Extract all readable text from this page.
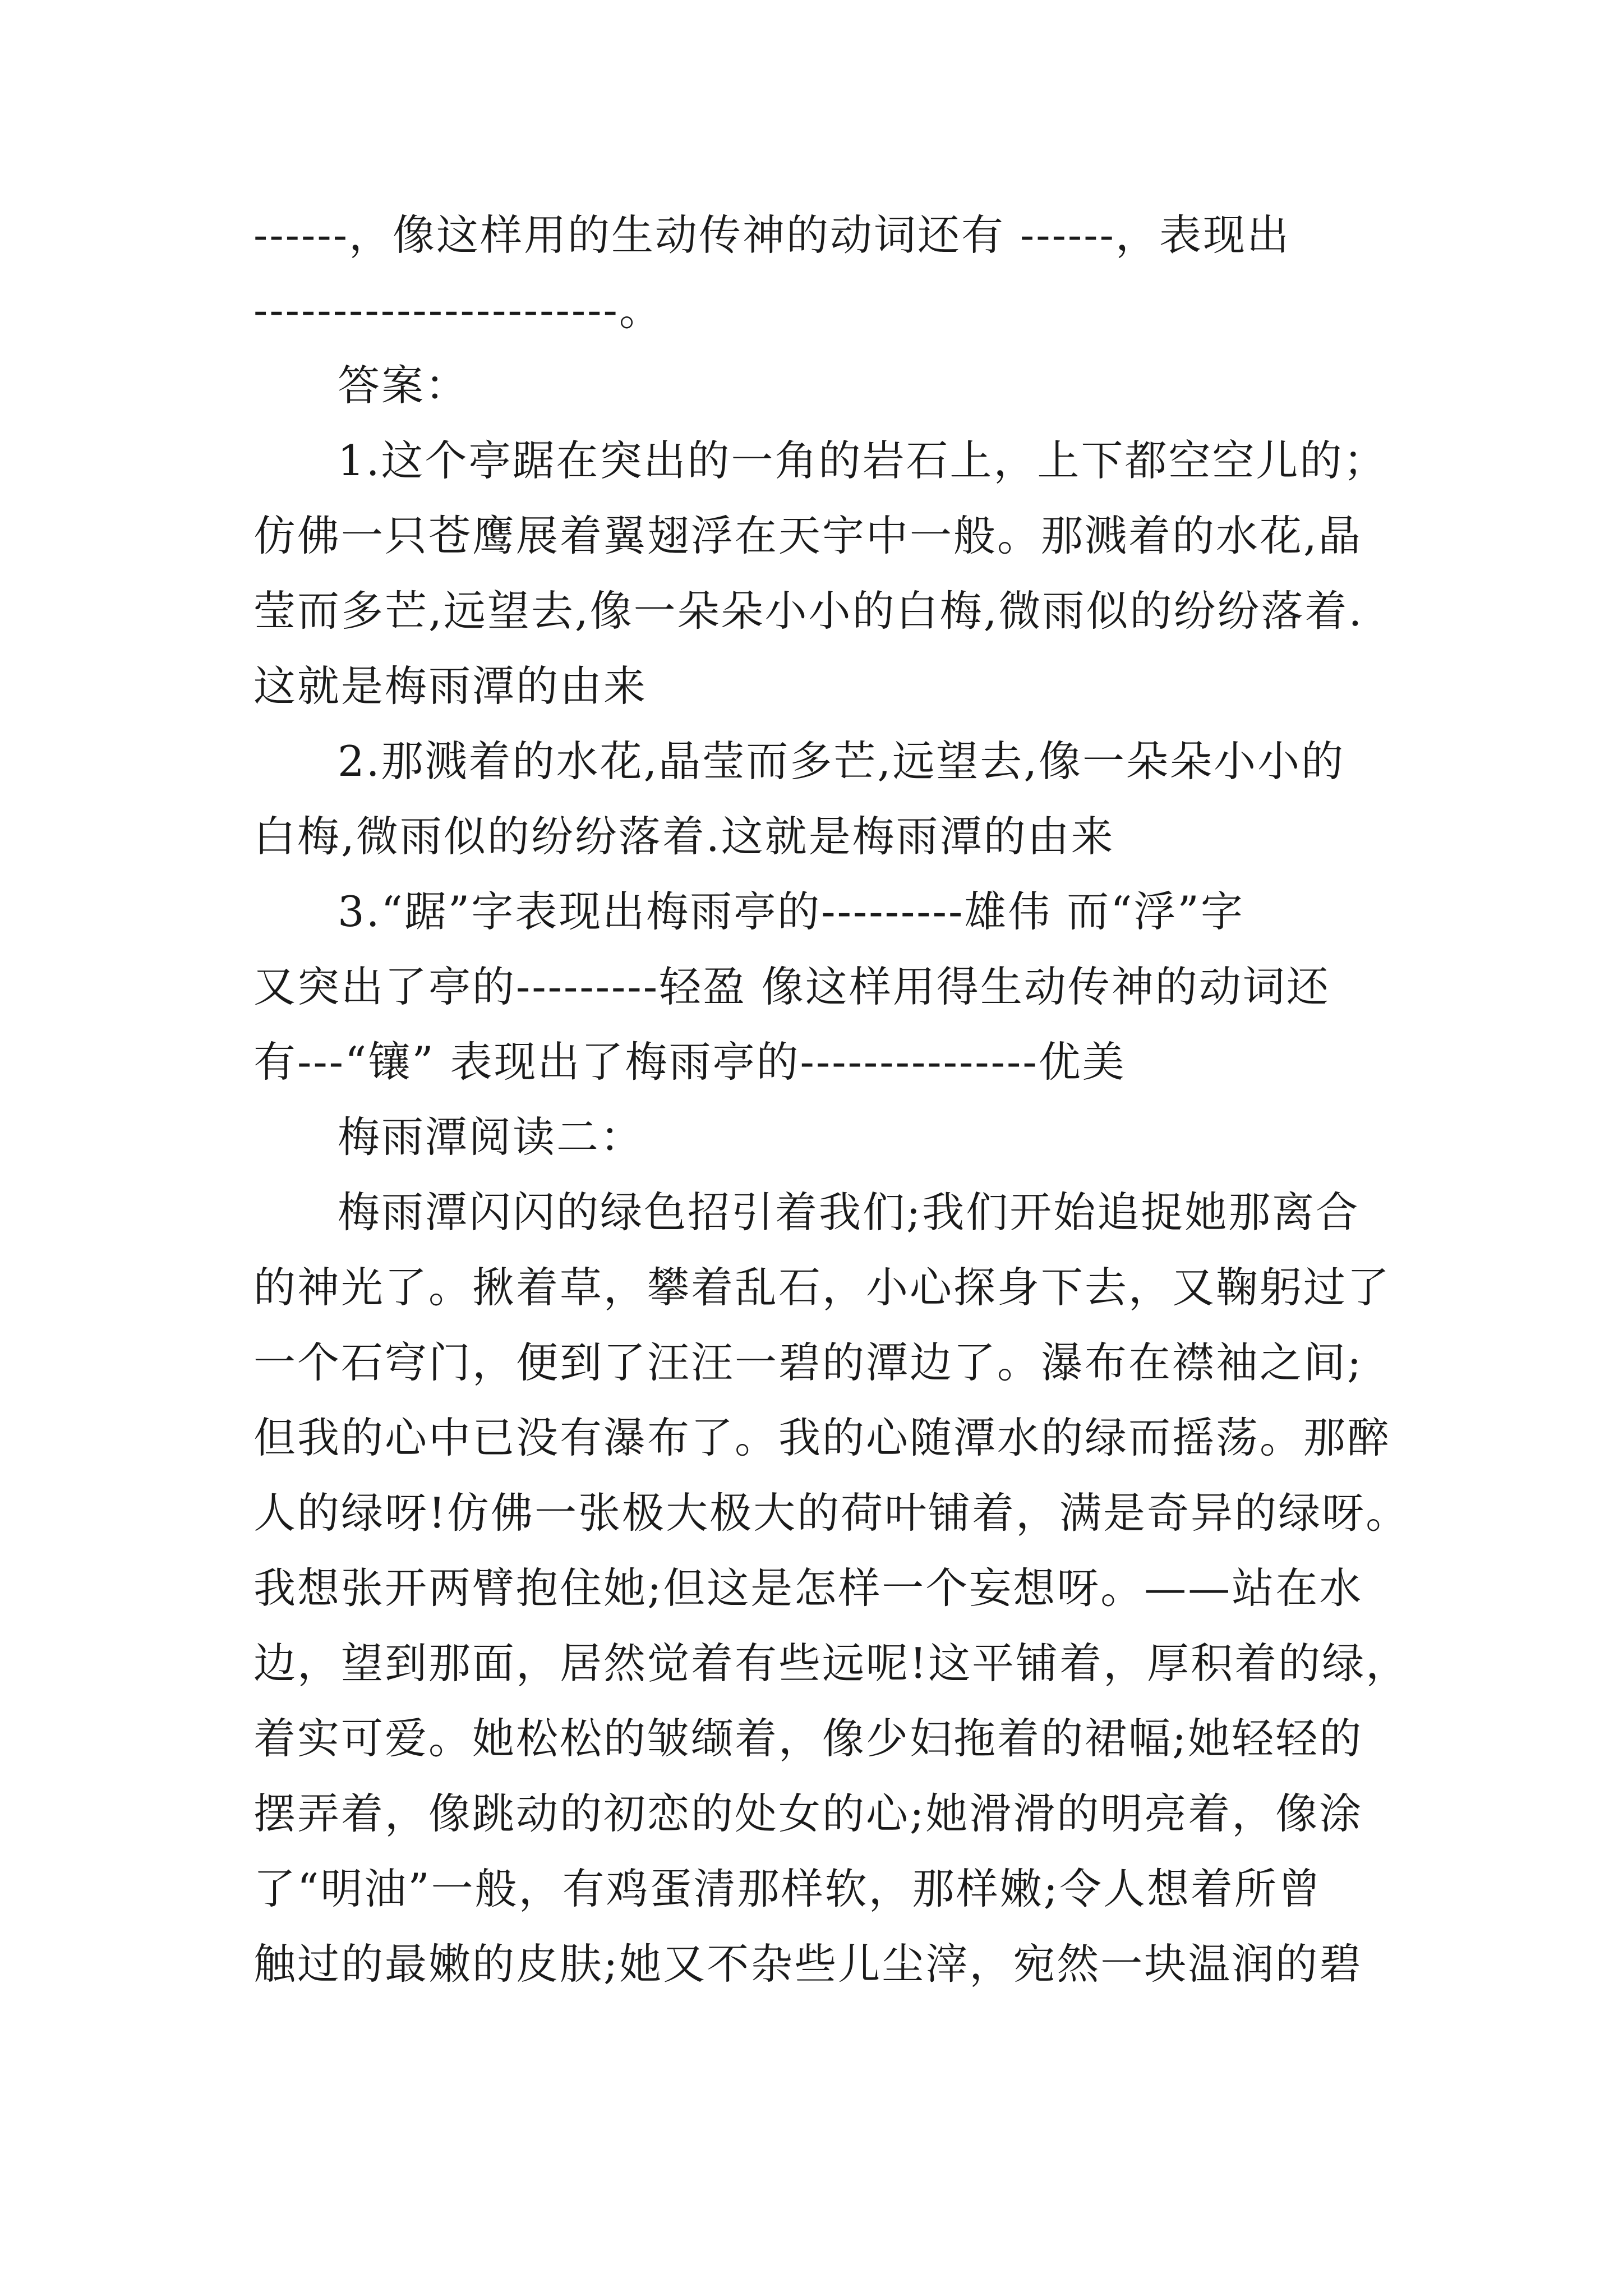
------，像这样用的生动传神的动词还有 ------，表现出
-----------------------。
答案：
1.这个亭踞在突出的一角的岩石上，上下都空空儿的；
仿佛一只苍鹰展着翼翅浮在天宇中一般。那溅着的水花,晶
莹而多芒,远望去,像一朵朵小小的白梅,微雨似的纷纷落着.
这就是梅雨潭的由来
2.那溅着的水花,晶莹而多芒,远望去,像一朵朵小小的
白梅,微雨似的纷纷落着.这就是梅雨潭的由来
3.“踞”字表现出梅雨亭的---------雄伟 而“浮”字
又突出了亭的---------轻盈 像这样用得生动传神的动词还
有---“镶” 表现出了梅雨亭的---------------优美
梅雨潭阅读二：
梅雨潭闪闪的绿色招引着我们;我们开始追捉她那离合
的神光了。揪着草，攀着乱石，小心探身下去，又鞠躬过了
一个石穹门，便到了汪汪一碧的潭边了。瀑布在襟袖之间;
但我的心中已没有瀑布了。我的心随潭水的绿而摇荡。那醉
人的绿呀!仿佛一张极大极大的荷叶铺着，满是奇异的绿呀。
我想张开两臂抱住她;但这是怎样一个妄想呀。——站在水
边，望到那面，居然觉着有些远呢!这平铺着，厚积着的绿，
着实可爱。她松松的皱缬着，像少妇拖着的裙幅;她轻轻的
摆弄着，像跳动的初恋的处女的心;她滑滑的明亮着，像涂
了“明油”一般，有鸡蛋清那样软，那样嫩;令人想着所曾
触过的最嫩的皮肤;她又不杂些儿尘滓，宛然一块温润的碧
